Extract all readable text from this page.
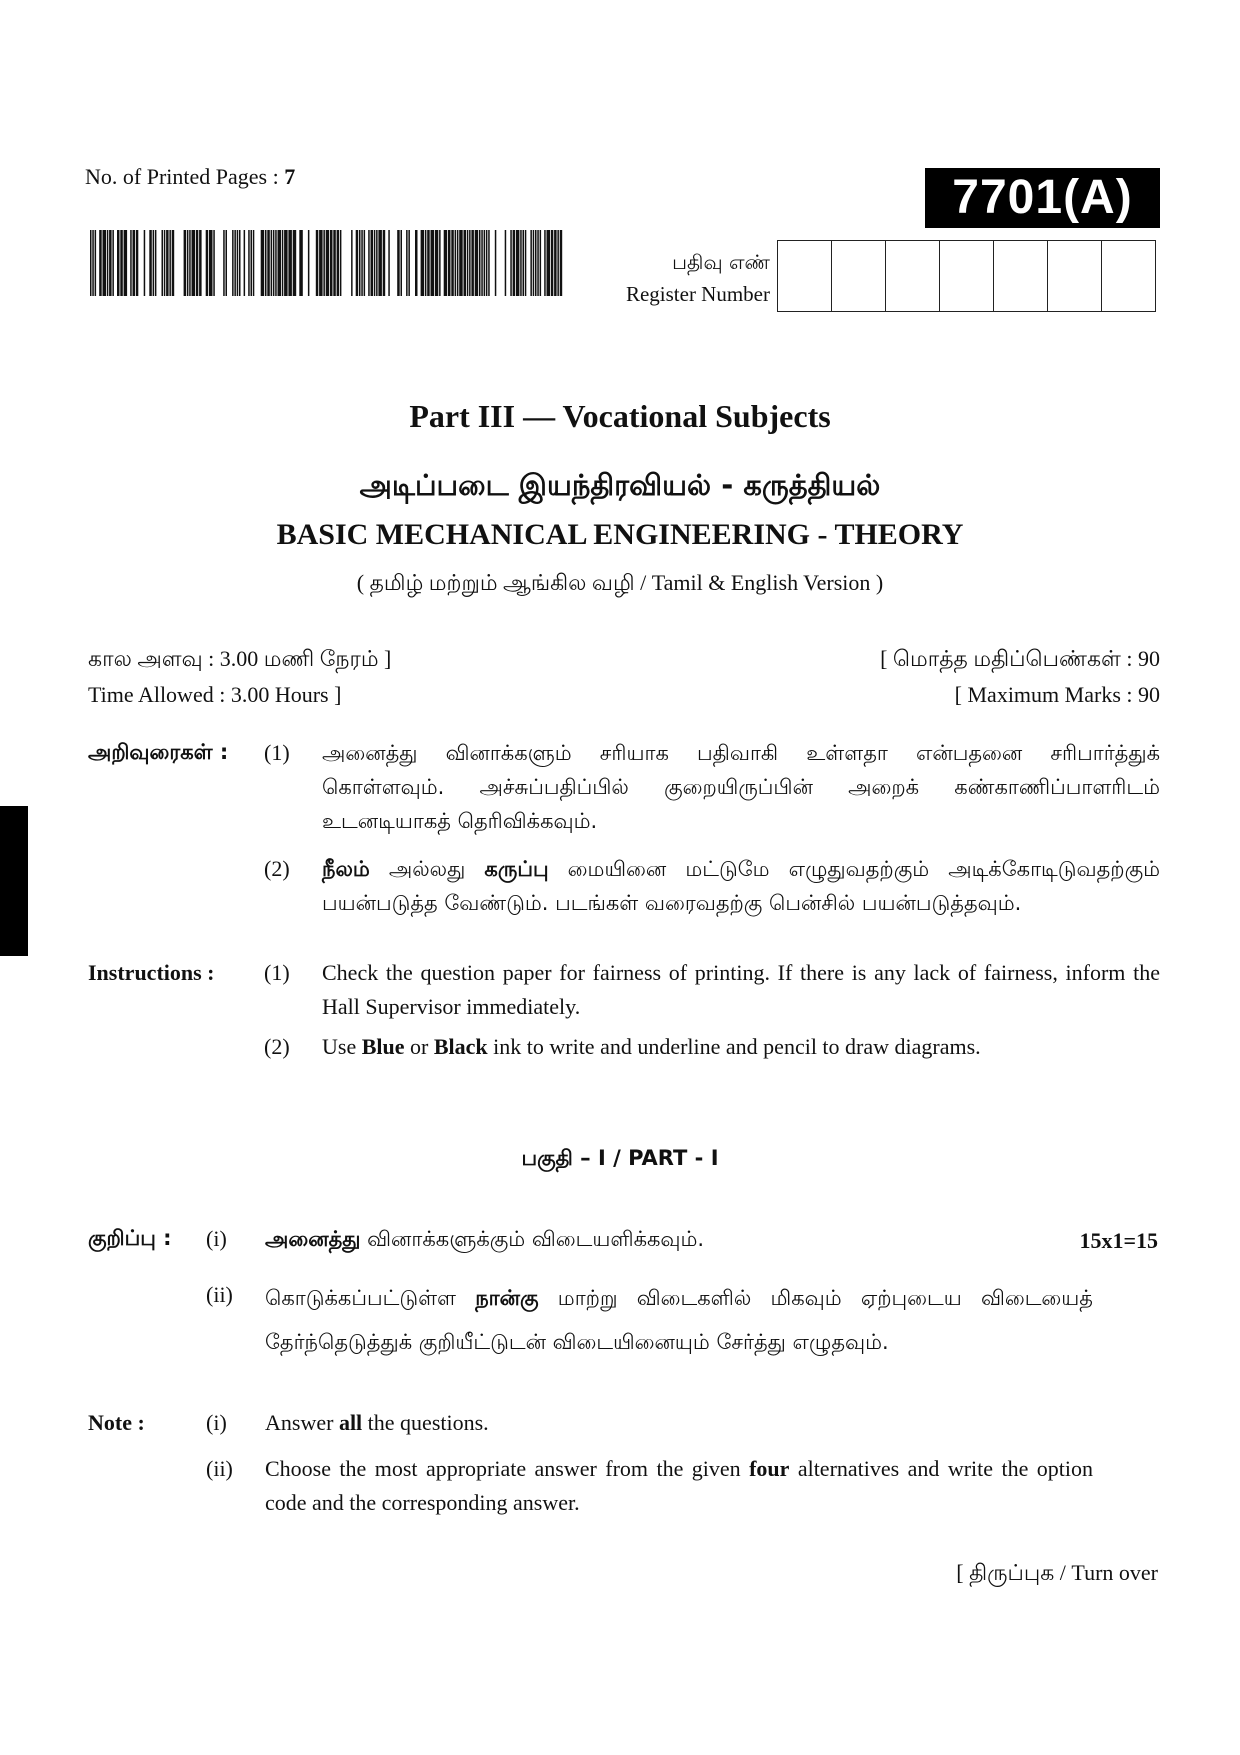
No. of Printed Pages : 7	7701(A)
பதிவு எண்
Register Number
Part III — Vocational Subjects
அடிப்படை இயந்திரவியல் - கருத்தியல்
BASIC MECHANICAL ENGINEERING - THEORY
( தமிழ் மற்றும் ஆங்கில வழி / Tamil & English Version )
கால அளவு : 3.00 மணி நேரம் ]	[ மொத்த மதிப்பெண்கள் : 90
Time Allowed : 3.00 Hours ]	[ Maximum Marks : 90
அறிவுரைகள் : (1) அனைத்து வினாக்களும் சரியாக பதிவாகி உள்ளதா என்பதனை சரிபார்த்துக் கொள்ளவும். அச்சுப்பதிப்பில் குறையிருப்பின் அறைக் கண்காணிப்பாளரிடம் உடனடியாகத் தெரிவிக்கவும்.
(2) நீலம் அல்லது கருப்பு மையினை மட்டுமே எழுதுவதற்கும் அடிக்கோடிடுவதற்கும் பயன்படுத்த வேண்டும். படங்கள் வரைவதற்கு பென்சில் பயன்படுத்தவும்.
Instructions : (1) Check the question paper for fairness of printing. If there is any lack of fairness, inform the Hall Supervisor immediately.
(2) Use Blue or Black ink to write and underline and pencil to draw diagrams.
பகுதி – I / PART - I
குறிப்பு : (i) அனைத்து வினாக்களுக்கும் விடையளிக்கவும்.	15x1=15
(ii) கொடுக்கப்பட்டுள்ள நான்கு மாற்று விடைகளில் மிகவும் ஏற்புடைய விடையைத் தேர்ந்தெடுத்துக் குறியீட்டுடன் விடையினையும் சேர்த்து எழுதவும்.
Note :	(i) Answer all the questions.
(ii) Choose the most appropriate answer from the given four alternatives and write the option code and the corresponding answer.
[ திருப்புக / Turn over
